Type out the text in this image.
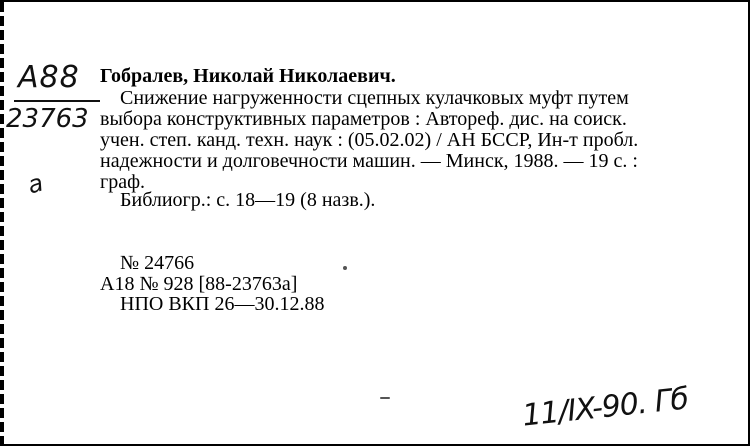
A88
23763
а
Гобралев, Николай Николаевич.
Снижение нагруженности сцепных кулачковых муфт путем
выбора конструктивных параметров : Автореф. дис. на соиск.
учен. степ. канд. техн. наук : (05.02.02) / АН БССР, Ин-т пробл.
надежности и долговечности машин. — Минск, 1988. — 19 с. :
граф.
Библиогр.: с. 18—19 (8 назв.).
№ 24766
А18 № 928 [88-23763а]
НПО ВКП 26—30.12.88
11/IX-90. Гб
